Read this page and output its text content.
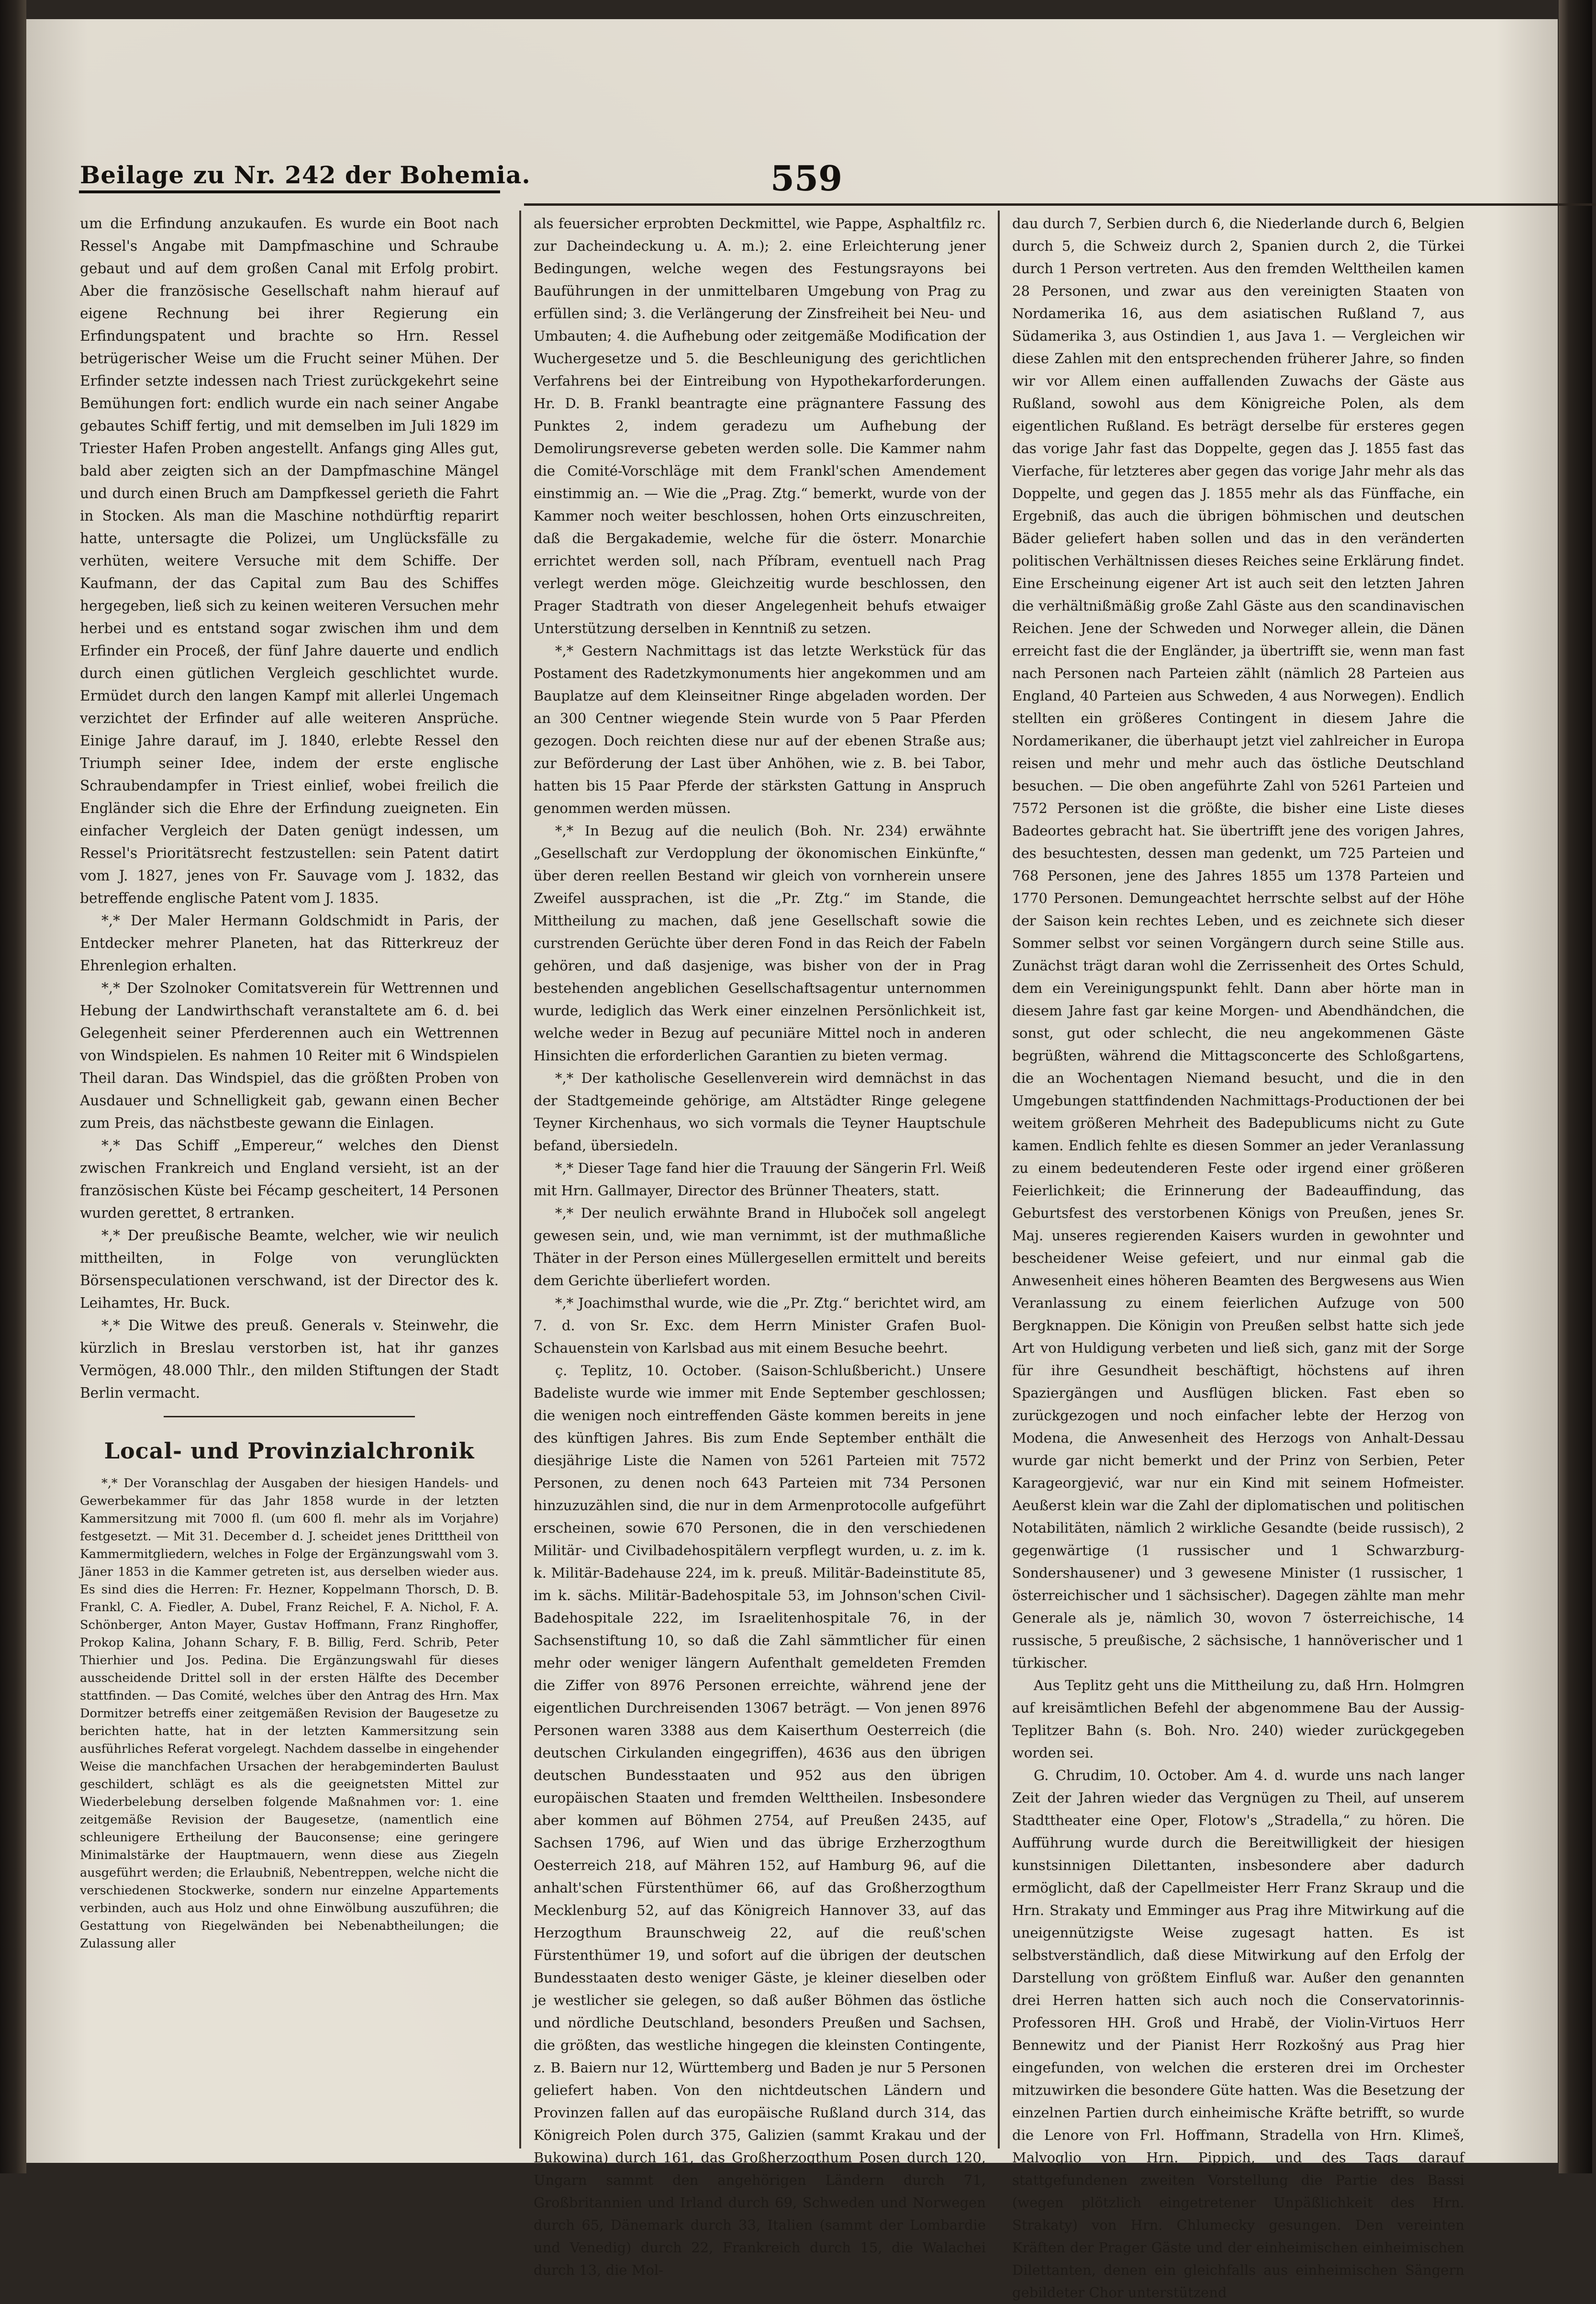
Beilage zu Nr. 242 der Bohemia.	559

um die Erfindung anzukaufen. Es wurde ein Boot nach Ressel's Angabe mit Dampfmaschine und Schraube gebaut und auf dem großen Canal mit Erfolg probirt. Aber die französische Gesellschaft nahm hierauf auf eigene Rechnung bei ihrer Regierung ein Erfindungspatent und brachte so Hrn. Ressel betrügerischer Weise um die Frucht seiner Mühen. Der Erfinder setzte indessen nach Triest zurückgekehrt seine Bemühungen fort: endlich wurde ein nach seiner Angabe gebautes Schiff fertig, und mit demselben im Juli 1829 im Triester Hafen Proben angestellt. Anfangs ging Alles gut, bald aber zeigten sich an der Dampfmaschine Mängel und durch einen Bruch am Dampfkessel gerieth die Fahrt in Stocken. Als man die Maschine nothdürftig reparirt hatte, untersagte die Polizei, um Unglücksfälle zu verhüten, weitere Versuche mit dem Schiffe. Der Kaufmann, der das Capital zum Bau des Schiffes hergegeben, ließ sich zu keinen weiteren Versuchen mehr herbei und es entstand sogar zwischen ihm und dem Erfinder ein Proceß, der fünf Jahre dauerte und endlich durch einen gütlichen Vergleich geschlichtet wurde. Ermüdet durch den langen Kampf mit allerlei Ungemach verzichtet der Erfinder auf alle weiteren Ansprüche. Einige Jahre darauf, im J. 1840, erlebte Ressel den Triumph seiner Idee, indem der erste englische Schraubendampfer in Triest einlief, wobei freilich die Engländer sich die Ehre der Erfindung zueigneten. Ein einfacher Vergleich der Daten genügt indessen, um Ressel's Prioritätsrecht festzustellen: sein Patent datirt vom J. 1827, jenes von Fr. Sauvage vom J. 1832, das betreffende englische Patent vom J. 1835.

*,* Der Maler Hermann Goldschmidt in Paris, der Entdecker mehrer Planeten, hat das Ritterkreuz der Ehrenlegion erhalten.

*,* Der Szolnoker Comitatsverein für Wettrennen und Hebung der Landwirthschaft veranstaltete am 6. d. bei Gelegenheit seiner Pferderennen auch ein Wettrennen von Windspielen. Es nahmen 10 Reiter mit 6 Windspielen Theil daran. Das Windspiel, das die größten Proben von Ausdauer und Schnelligkeit gab, gewann einen Becher zum Preis, das nächstbeste gewann die Einlagen.

*,* Das Schiff „Empereur,“ welches den Dienst zwischen Frankreich und England versieht, ist an der französischen Küste bei Fécamp gescheitert, 14 Personen wurden gerettet, 8 ertranken.

*,* Der preußische Beamte, welcher, wie wir neulich mittheilten, in Folge von verunglückten Börsenspeculationen verschwand, ist der Director des k. Leihamtes, Hr. Buck.

*,* Die Witwe des preuß. Generals v. Steinwehr, die kürzlich in Breslau verstorben ist, hat ihr ganzes Vermögen, 48.000 Thlr., den milden Stiftungen der Stadt Berlin vermacht.

Local- und Provinzialchronik

*,* Der Voranschlag der Ausgaben der hiesigen Handels- und Gewerbekammer für das Jahr 1858 wurde in der letzten Kammersitzung mit 7000 fl. (um 600 fl. mehr als im Vorjahre) festgesetzt. — Mit 31. December d. J. scheidet jenes Dritttheil von Kammermitgliedern, welches in Folge der Ergänzungswahl vom 3. Jäner 1853 in die Kammer getreten ist, aus derselben wieder aus. Es sind dies die Herren: Fr. Hezner, Koppelmann Thorsch, D. B. Frankl, C. A. Fiedler, A. Dubel, Franz Reichel, F. A. Nichol, F. A. Schönberger, Anton Mayer, Gustav Hoffmann, Franz Ringhoffer, Prokop Kalina, Johann Schary, F. B. Billig, Ferd. Schrib, Peter Thierhier und Jos. Pedina. Die Ergänzungswahl für dieses ausscheidende Drittel soll in der ersten Hälfte des December stattfinden. — Das Comité, welches über den Antrag des Hrn. Max Dormitzer betreffs einer zeitgemäßen Revision der Baugesetze zu berichten hatte, hat in der letzten Kammersitzung sein ausführliches Referat vorgelegt. Nachdem dasselbe in eingehender Weise die manchfachen Ursachen der herabgeminderten Baulust geschildert, schlägt es als die geeignetsten Mittel zur Wiederbelebung derselben folgende Maßnahmen vor: 1. eine zeitgemäße Revision der Baugesetze, (namentlich eine schleunigere Ertheilung der Bauconsense; eine geringere Minimalstärke der Hauptmauern, wenn diese aus Ziegeln ausgeführt werden; die Erlaubniß, Nebentreppen, welche nicht die verschiedenen Stockwerke, sondern nur einzelne Appartements verbinden, auch aus Holz und ohne Einwölbung auszuführen; die Gestattung von Riegelwänden bei Nebenabtheilungen; die Zulassung aller

als feuersicher erprobten Deckmittel, wie Pappe, Asphaltfilz rc. zur Dacheindeckung u. A. m.); 2. eine Erleichterung jener Bedingungen, welche wegen des Festungsrayons bei Bauführungen in der unmittelbaren Umgebung von Prag zu erfüllen sind; 3. die Verlängerung der Zinsfreiheit bei Neu- und Umbauten; 4. die Aufhebung oder zeitgemäße Modification der Wuchergesetze und 5. die Beschleunigung des gerichtlichen Verfahrens bei der Eintreibung von Hypothekarforderungen. Hr. D. B. Frankl beantragte eine prägnantere Fassung des Punktes 2, indem geradezu um Aufhebung der Demolirungsreverse gebeten werden solle. Die Kammer nahm die Comité-Vorschläge mit dem Frankl'schen Amendement einstimmig an. — Wie die „Prag. Ztg.“ bemerkt, wurde von der Kammer noch weiter beschlossen, hohen Orts einzuschreiten, daß die Bergakademie, welche für die österr. Monarchie errichtet werden soll, nach Příbram, eventuell nach Prag verlegt werden möge. Gleichzeitig wurde beschlossen, den Prager Stadtrath von dieser Angelegenheit behufs etwaiger Unterstützung derselben in Kenntniß zu setzen.

*,* Gestern Nachmittags ist das letzte Werkstück für das Postament des Radetzkymonuments hier angekommen und am Bauplatze auf dem Kleinseitner Ringe abgeladen worden. Der an 300 Centner wiegende Stein wurde von 5 Paar Pferden gezogen. Doch reichten diese nur auf der ebenen Straße aus; zur Beförderung der Last über Anhöhen, wie z. B. bei Tabor, hatten bis 15 Paar Pferde der stärksten Gattung in Anspruch genommen werden müssen.

*,* In Bezug auf die neulich (Boh. Nr. 234) erwähnte „Gesellschaft zur Verdopplung der ökonomischen Einkünfte,“ über deren reellen Bestand wir gleich von vornherein unsere Zweifel aussprachen, ist die „Pr. Ztg.“ im Stande, die Mittheilung zu machen, daß jene Gesellschaft sowie die curstrenden Gerüchte über deren Fond in das Reich der Fabeln gehören, und daß dasjenige, was bisher von der in Prag bestehenden angeblichen Gesellschaftsagentur unternommen wurde, lediglich das Werk einer einzelnen Persönlichkeit ist, welche weder in Bezug auf pecuniäre Mittel noch in anderen Hinsichten die erforderlichen Garantien zu bieten vermag.

*,* Der katholische Gesellenverein wird demnächst in das der Stadtgemeinde gehörige, am Altstädter Ringe gelegene Teyner Kirchenhaus, wo sich vormals die Teyner Hauptschule befand, übersiedeln.

*,* Dieser Tage fand hier die Trauung der Sängerin Frl. Weiß mit Hrn. Gallmayer, Director des Brünner Theaters, statt.

*,* Der neulich erwähnte Brand in Hluboček soll angelegt gewesen sein, und, wie man vernimmt, ist der muthmaßliche Thäter in der Person eines Müllergesellen ermittelt und bereits dem Gerichte überliefert worden.

*,* Joachimsthal wurde, wie die „Pr. Ztg.“ berichtet wird, am 7. d. von Sr. Exc. dem Herrn Minister Grafen Buol-Schauenstein von Karlsbad aus mit einem Besuche beehrt.

ç. Teplitz, 10. October. (Saison-Schlußbericht.) Unsere Badeliste wurde wie immer mit Ende September geschlossen; die wenigen noch eintreffenden Gäste kommen bereits in jene des künftigen Jahres. Bis zum Ende September enthält die diesjährige Liste die Namen von 5261 Parteien mit 7572 Personen, zu denen noch 643 Parteien mit 734 Personen hinzuzuzählen sind, die nur in dem Armenprotocolle aufgeführt erscheinen, sowie 670 Personen, die in den verschiedenen Militär- und Civilbadehospitälern verpflegt wurden, u. z. im k. k. Militär-Badehause 224, im k. preuß. Militär-Badeinstitute 85, im k. sächs. Militär-Badehospitale 53, im Johnson'schen Civil-Badehospitale 222, im Israelitenhospitale 76, in der Sachsenstiftung 10, so daß die Zahl sämmtlicher für einen mehr oder weniger längern Aufenthalt gemeldeten Fremden die Ziffer von 8976 Personen erreichte, während jene der eigentlichen Durchreisenden 13067 beträgt. — Von jenen 8976 Personen waren 3388 aus dem Kaiserthum Oesterreich (die deutschen Cirkulanden eingegriffen), 4636 aus den übrigen deutschen Bundesstaaten und 952 aus den übrigen europäischen Staaten und fremden Welttheilen. Insbesondere aber kommen auf Böhmen 2754, auf Preußen 2435, auf Sachsen 1796, auf Wien und das übrige Erzherzogthum Oesterreich 218, auf Mähren 152, auf Hamburg 96, auf die anhalt'schen Fürstenthümer 66, auf das Großherzogthum Mecklenburg 52, auf das Königreich Hannover 33, auf das Herzogthum Braunschweig 22, auf die reuß'schen Fürstenthümer 19, und sofort auf die übrigen der deutschen Bundesstaaten desto weniger Gäste, je kleiner dieselben oder je westlicher sie gelegen, so daß außer Böhmen das östliche und nördliche Deutschland, besonders Preußen und Sachsen, die größten, das westliche hingegen die kleinsten Contingente, z. B. Baiern nur 12, Württemberg und Baden je nur 5 Personen geliefert haben. Von den nichtdeutschen Ländern und Provinzen fallen auf das europäische Rußland durch 314, das Königreich Polen durch 375, Galizien (sammt Krakau und der Bukowina) durch 161, das Großherzogthum Posen durch 120, Ungarn sammt den angehörigen Ländern durch 71, Großbritannien und Irland durch 69, Schweden und Norwegen durch 65, Dänemark durch 33, Italien (sammt der Lombardie und Venedig) durch 22, Frankreich durch 15, die Walachei durch 13, die Mol-

dau durch 7, Serbien durch 6, die Niederlande durch 6, Belgien durch 5, die Schweiz durch 2, Spanien durch 2, die Türkei durch 1 Person vertreten. Aus den fremden Welttheilen kamen 28 Personen, und zwar aus den vereinigten Staaten von Nordamerika 16, aus dem asiatischen Rußland 7, aus Südamerika 3, aus Ostindien 1, aus Java 1. — Vergleichen wir diese Zahlen mit den entsprechenden früherer Jahre, so finden wir vor Allem einen auffallenden Zuwachs der Gäste aus Rußland, sowohl aus dem Königreiche Polen, als dem eigentlichen Rußland. Es beträgt derselbe für ersteres gegen das vorige Jahr fast das Doppelte, gegen das J. 1855 fast das Vierfache, für letzteres aber gegen das vorige Jahr mehr als das Doppelte, und gegen das J. 1855 mehr als das Fünffache, ein Ergebniß, das auch die übrigen böhmischen und deutschen Bäder geliefert haben sollen und das in den veränderten politischen Verhältnissen dieses Reiches seine Erklärung findet. Eine Erscheinung eigener Art ist auch seit den letzten Jahren die verhältnißmäßig große Zahl Gäste aus den scandinavischen Reichen. Jene der Schweden und Norweger allein, die Dänen erreicht fast die der Engländer, ja übertrifft sie, wenn man fast nach Personen nach Parteien zählt (nämlich 28 Parteien aus England, 40 Parteien aus Schweden, 4 aus Norwegen). Endlich stellten ein größeres Contingent in diesem Jahre die Nordamerikaner, die überhaupt jetzt viel zahlreicher in Europa reisen und mehr und mehr auch das östliche Deutschland besuchen. — Die oben angeführte Zahl von 5261 Parteien und 7572 Personen ist die größte, die bisher eine Liste dieses Badeortes gebracht hat. Sie übertrifft jene des vorigen Jahres, des besuchtesten, dessen man gedenkt, um 725 Parteien und 768 Personen, jene des Jahres 1855 um 1378 Parteien und 1770 Personen. Demungeachtet herrschte selbst auf der Höhe der Saison kein rechtes Leben, und es zeichnete sich dieser Sommer selbst vor seinen Vorgängern durch seine Stille aus. Zunächst trägt daran wohl die Zerrissenheit des Ortes Schuld, dem ein Vereinigungspunkt fehlt. Dann aber hörte man in diesem Jahre fast gar keine Morgen- und Abendhändchen, die sonst, gut oder schlecht, die neu angekommenen Gäste begrüßten, während die Mittagsconcerte des Schloßgartens, die an Wochentagen Niemand besucht, und die in den Umgebungen stattfindenden Nachmittags-Productionen der bei weitem größeren Mehrheit des Badepublicums nicht zu Gute kamen. Endlich fehlte es diesen Sommer an jeder Veranlassung zu einem bedeutenderen Feste oder irgend einer größeren Feierlichkeit; die Erinnerung der Badeauffindung, das Geburtsfest des verstorbenen Königs von Preußen, jenes Sr. Maj. unseres regierenden Kaisers wurden in gewohnter und bescheidener Weise gefeiert, und nur einmal gab die Anwesenheit eines höheren Beamten des Bergwesens aus Wien Veranlassung zu einem feierlichen Aufzuge von 500 Bergknappen. Die Königin von Preußen selbst hatte sich jede Art von Huldigung verbeten und ließ sich, ganz mit der Sorge für ihre Gesundheit beschäftigt, höchstens auf ihren Spaziergängen und Ausflügen blicken. Fast eben so zurückgezogen und noch einfacher lebte der Herzog von Modena, die Anwesenheit des Herzogs von Anhalt-Dessau wurde gar nicht bemerkt und der Prinz von Serbien, Peter Karageorgjević, war nur ein Kind mit seinem Hofmeister. Aeußerst klein war die Zahl der diplomatischen und politischen Notabilitäten, nämlich 2 wirkliche Gesandte (beide russisch), 2 gegenwärtige (1 russischer und 1 Schwarzburg-Sondershausener) und 3 gewesene Minister (1 russischer, 1 österreichischer und 1 sächsischer). Dagegen zählte man mehr Generale als je, nämlich 30, wovon 7 österreichische, 14 russische, 5 preußische, 2 sächsische, 1 hannöverischer und 1 türkischer.

Aus Teplitz geht uns die Mittheilung zu, daß Hrn. Holmgren auf kreisämtlichen Befehl der abgenommene Bau der Aussig-Teplitzer Bahn (s. Boh. Nro. 240) wieder zurückgegeben worden sei.

G. Chrudim, 10. October. Am 4. d. wurde uns nach langer Zeit der Jahren wieder das Vergnügen zu Theil, auf unserem Stadttheater eine Oper, Flotow's „Stradella,“ zu hören. Die Aufführung wurde durch die Bereitwilligkeit der hiesigen kunstsinnigen Dilettanten, insbesondere aber dadurch ermöglicht, daß der Capellmeister Herr Franz Skraup und die Hrn. Strakaty und Emminger aus Prag ihre Mitwirkung auf die uneigennützigste Weise zugesagt hatten. Es ist selbstverständlich, daß diese Mitwirkung auf den Erfolg der Darstellung von größtem Einfluß war. Außer den genannten drei Herren hatten sich auch noch die Conservatorinnis-Professoren HH. Groß und Hrabě, der Violin-Virtuos Herr Bennewitz und der Pianist Herr Rozkošný aus Prag hier eingefunden, von welchen die ersteren drei im Orchester mitzuwirken die besondere Güte hatten. Was die Besetzung der einzelnen Partien durch einheimische Kräfte betrifft, so wurde die Lenore von Frl. Hoffmann, Stradella von Hrn. Klimeš, Malvoglio von Hrn. Pippich, und des Tags darauf stattgefundenen zweiten Vorstellung die Partie des Bassi (wegen plötzlich eingetretener Unpäßlichkeit des Hrn. Strakaty) von Hrn. Chlumecky gesungen. Den vereinten Kräften der Prager Gäste und der einheimischen einheimischen Dilettanten, denen ein gleichfalls aus einheimischen Sängern gebildeter Chor unterstützend
